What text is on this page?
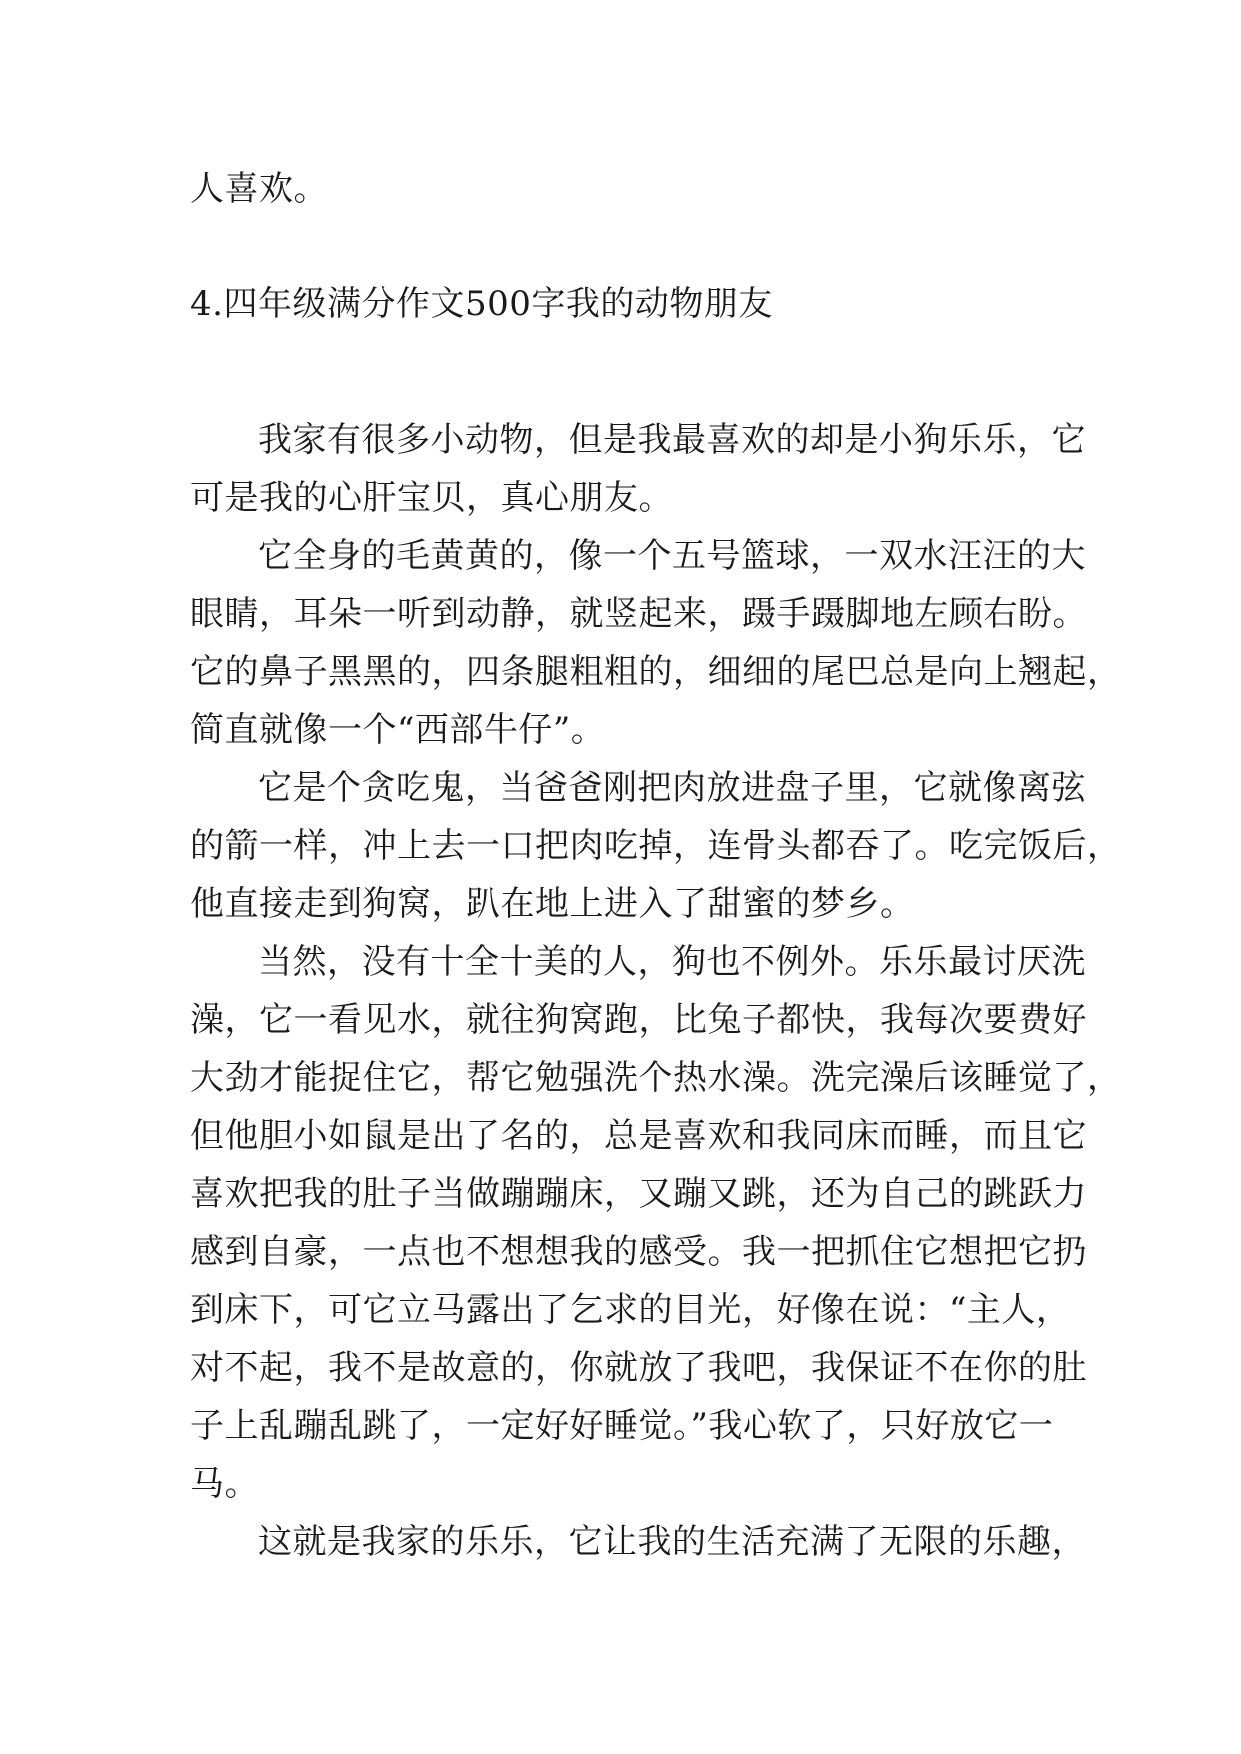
人喜欢。

4.四年级满分作文500字我的动物朋友

我家有很多小动物，但是我最喜欢的却是小狗乐乐，它

可是我的心肝宝贝，真心朋友。

它全身的毛黄黄的，像一个五号篮球，一双水汪汪的大

眼睛，耳朵一听到动静，就竖起来，蹑手蹑脚地左顾右盼。

它的鼻子黑黑的，四条腿粗粗的，细细的尾巴总是向上翘起，

简直就像一个“西部牛仔”。

它是个贪吃鬼，当爸爸刚把肉放进盘子里，它就像离弦

的箭一样，冲上去一口把肉吃掉，连骨头都吞了。吃完饭后，

他直接走到狗窝，趴在地上进入了甜蜜的梦乡。

当然，没有十全十美的人，狗也不例外。乐乐最讨厌洗

澡，它一看见水，就往狗窝跑，比兔子都快，我每次要费好

大劲才能捉住它，帮它勉强洗个热水澡。洗完澡后该睡觉了，

但他胆小如鼠是出了名的，总是喜欢和我同床而睡，而且它

喜欢把我的肚子当做蹦蹦床，又蹦又跳，还为自己的跳跃力

感到自豪，一点也不想想我的感受。我一把抓住它想把它扔

到床下，可它立马露出了乞求的目光，好像在说：“主人，

对不起，我不是故意的，你就放了我吧，我保证不在你的肚

子上乱蹦乱跳了，一定好好睡觉。”我心软了，只好放它一

马。

这就是我家的乐乐，它让我的生活充满了无限的乐趣，
